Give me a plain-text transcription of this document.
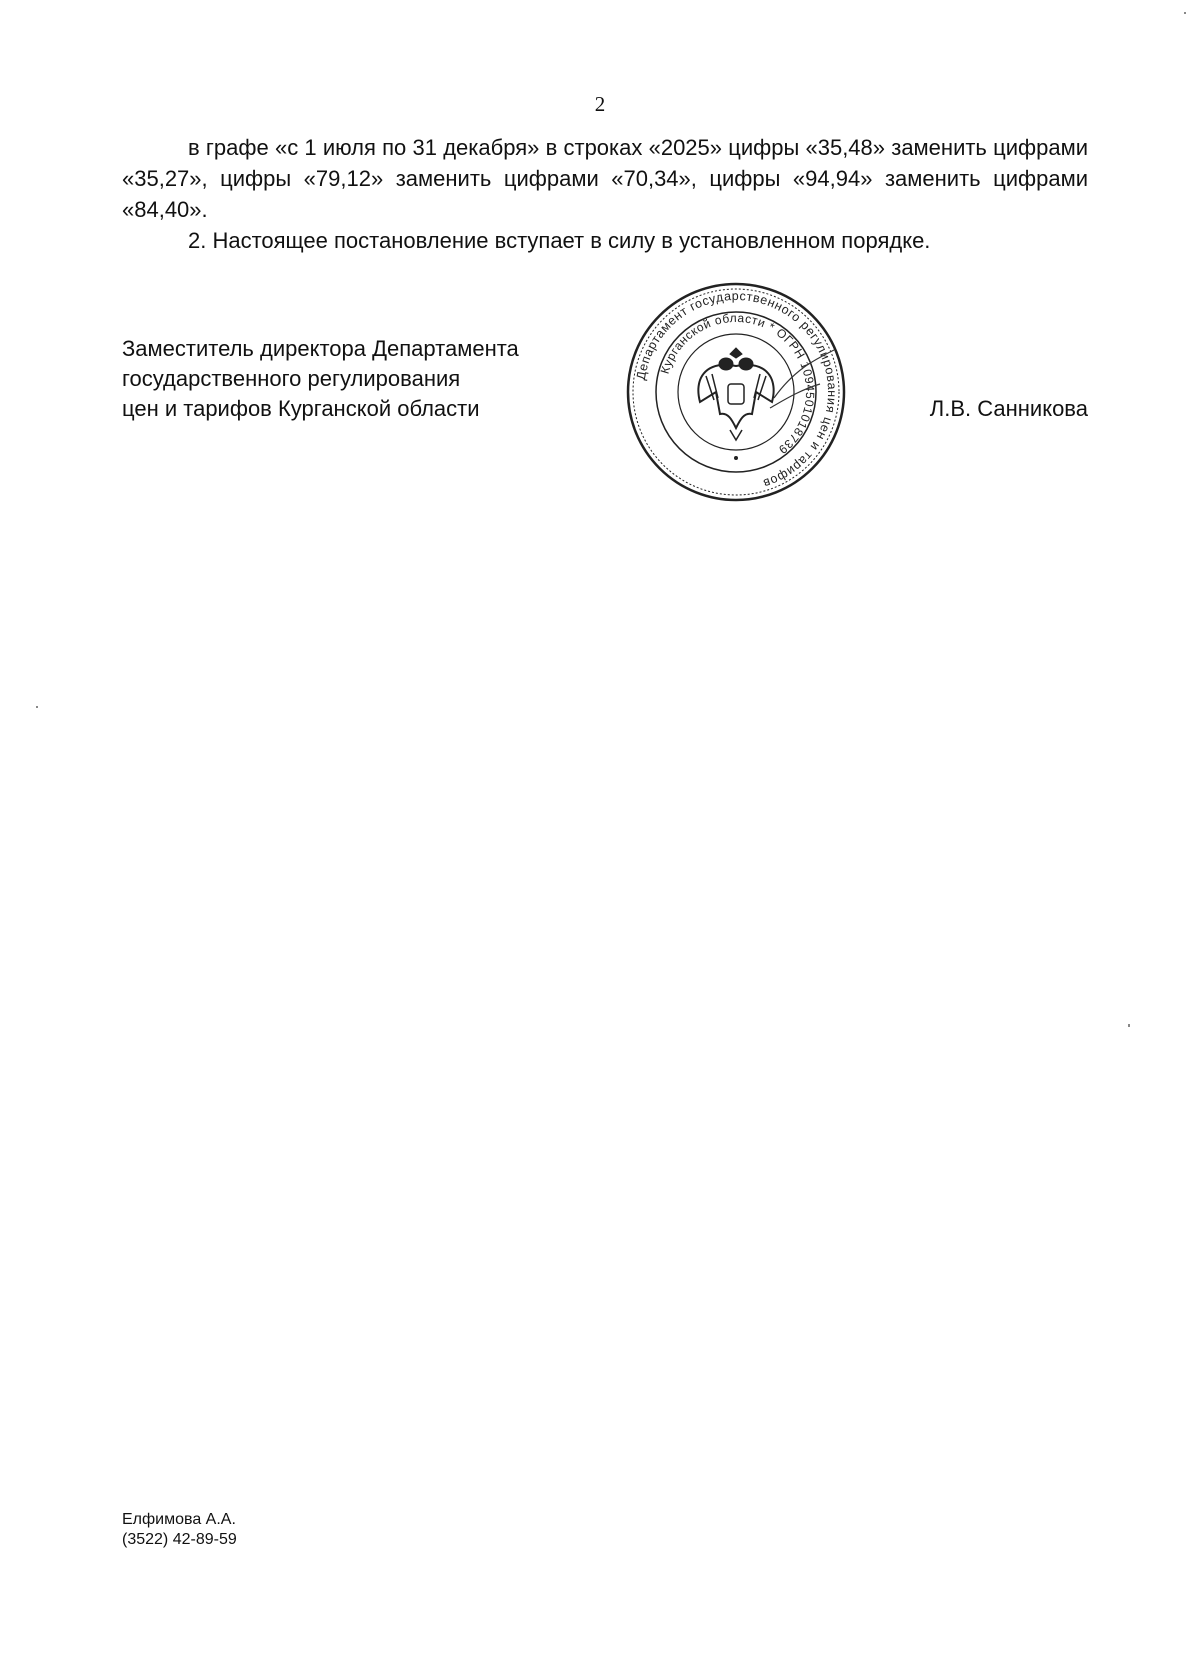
2

в графе «с 1 июля по 31 декабря» в строках «2025» цифры «35,48» заменить цифрами «35,27», цифры «79,12» заменить цифрами «70,34», цифры «94,94» заменить цифрами «84,40».

2. Настоящее постановление вступает в силу в установленном порядке.

Заместитель директора Департамента
государственного регулирования
цен и тарифов Курганской области
Департамент государственного регулирования цен и тарифов
Курганской области * ОГРН 1094501018739
Л.В. Санникова
Елфимова А.А.
(3522) 42-89-59
